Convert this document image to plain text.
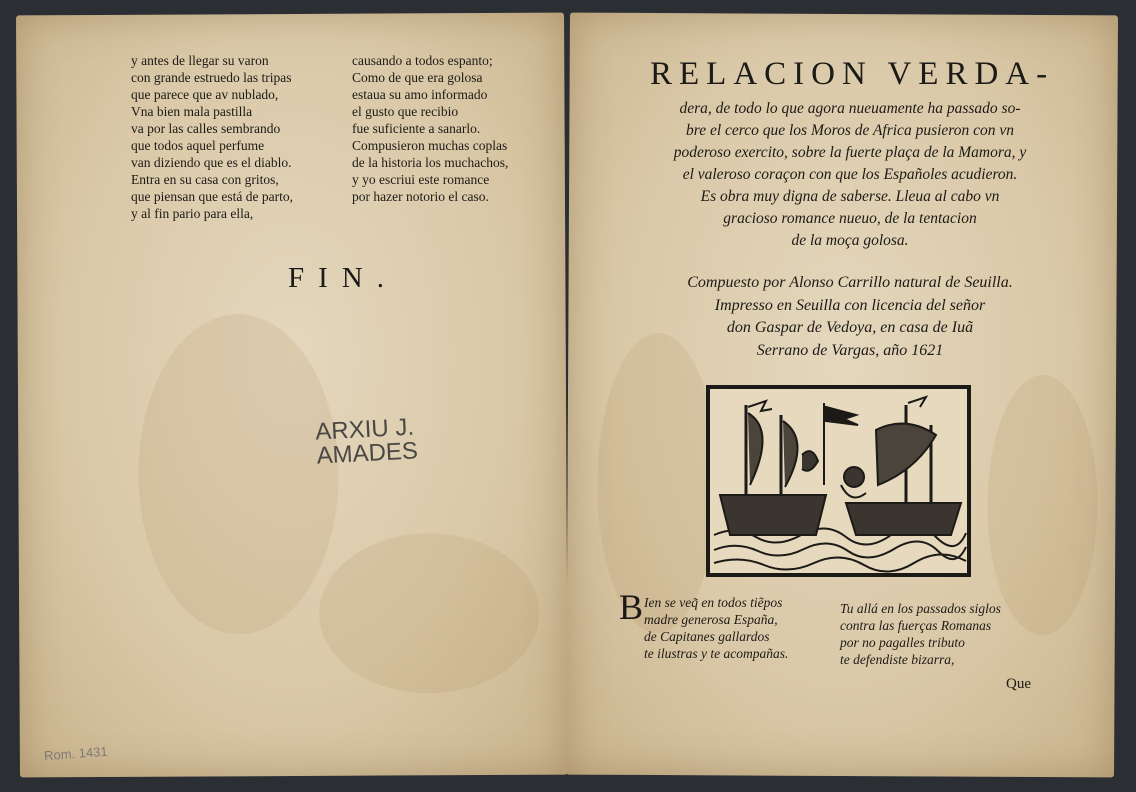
y antes de llegar su varon
con grande estruedo las tripas
que parece que av nublado,
Vna bien mala pastilla
va por las calles sembrando
que todos aquel perfume
van diziendo que es el diablo.
Entra en su casa con gritos,
que piensan que está de parto,
y al fin pario para ella,
causando a todos espanto;
Como de que era golosa
estaua su amo informado
el gusto que recibio
fue suficiente a sanarlo.
Compusieron muchas coplas
de la historia los muchachos,
y yo escriui este romance
por hazer notorio el caso.
FIN.
ARXIU J.
AMADES
Rom. 1431
RELACION VERDA-
dera, de todo lo que agora nueuamente ha passado so-
bre el cerco que los Moros de Africa pusieron con vn
poderoso exercito, sobre la fuerte plaça de la Mamora, y
el valeroso coraçon con que los Españoles acudieron.
Es obra muy digna de saberse. Lleua al cabo vn
gracioso romance nueuo, de la tentacion
de la moça golosa.
Compuesto por Alonso Carrillo natural de Seuilla.
Impresso en Seuilla con licencia del señor
don Gaspar de Vedoya, en casa de Iuã
Serrano de Vargas, año 1621
B Ien se veq̃ en todos tiẽpos
madre generosa España,
de Capitanes gallardos
te ilustras y te acompañas.
Tu allá en los passados siglos
contra las fuerças Romanas
por no pagalles tributo
te defendiste bizarra,
Que
